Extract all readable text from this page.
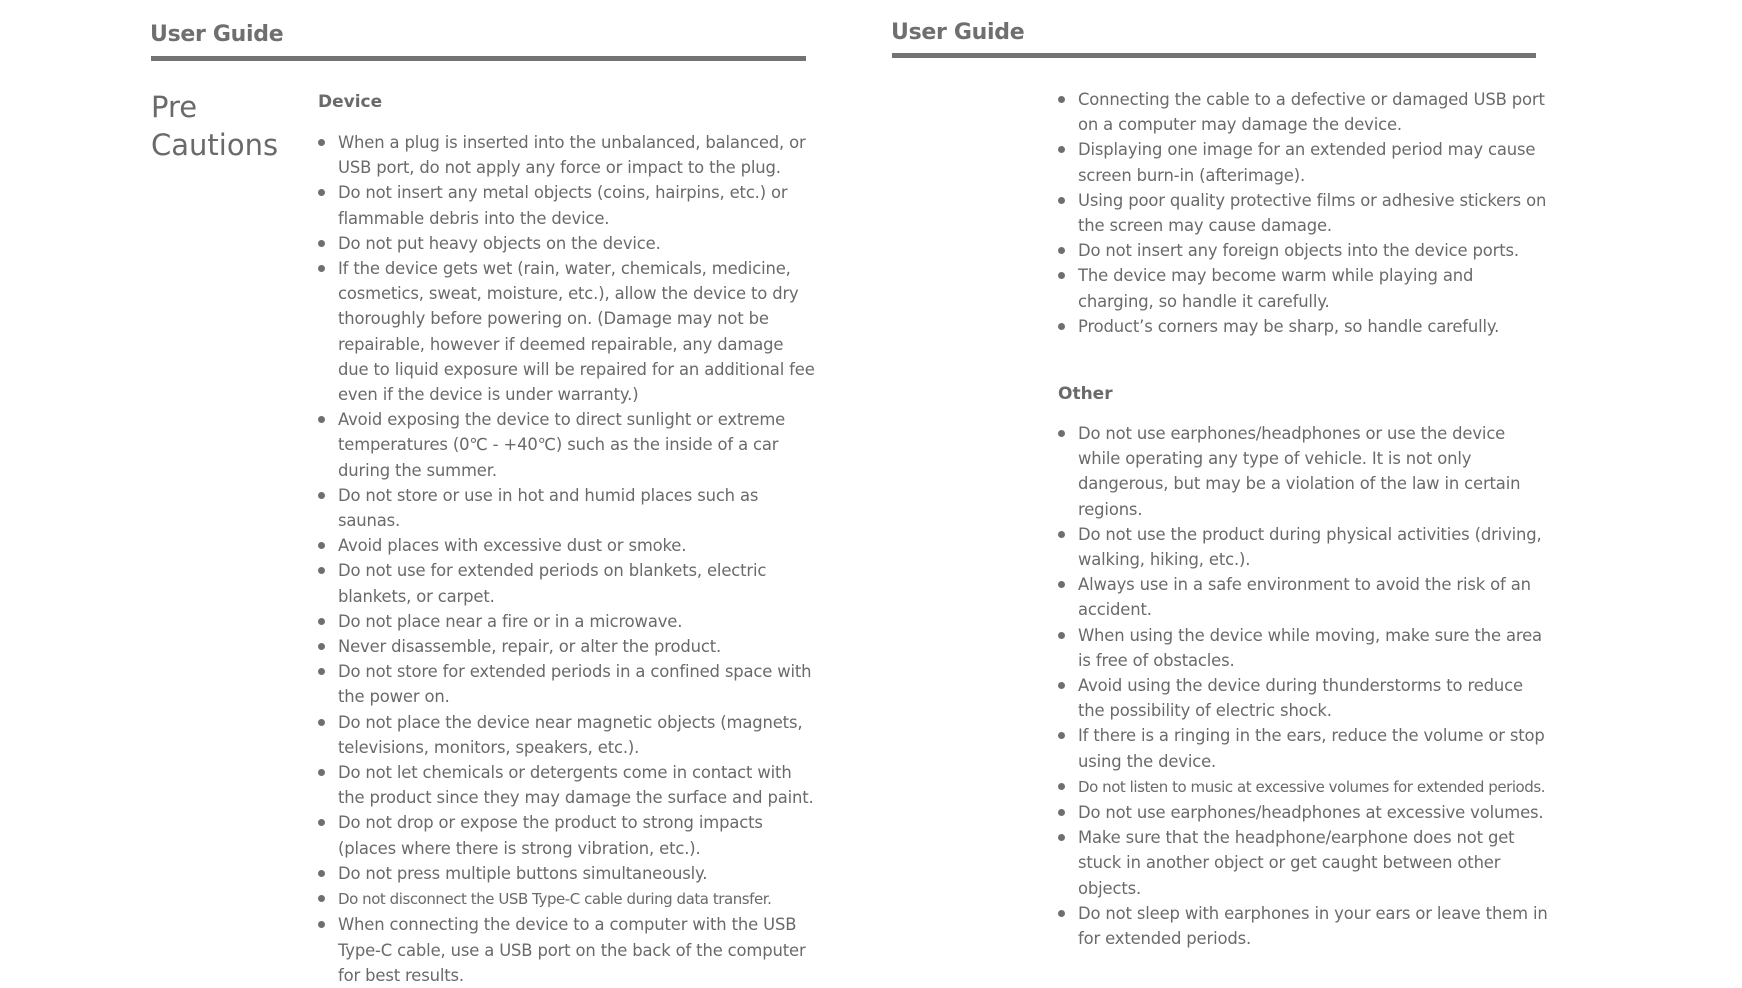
User Guide
Pre
Cautions
Device
When a plug is inserted into the unbalanced, balanced, or USB port, do not apply any force or impact to the plug.
Do not insert any metal objects (coins, hairpins, etc.) or flammable debris into the device.
Do not put heavy objects on the device.
If the device gets wet (rain, water, chemicals, medicine, cosmetics, sweat, moisture, etc.), allow the device to dry thoroughly before powering on. (Damage may not be repairable, however if deemed repairable, any damage due to liquid exposure will be repaired for an additional fee even if the device is under warranty.)
Avoid exposing the device to direct sunlight or extreme temperatures (0℃ - +40℃) such as the inside of a car during the summer.
Do not store or use in hot and humid places such as saunas.
Avoid places with excessive dust or smoke.
Do not use for extended periods on blankets, electric blankets, or carpet.
Do not place near a fire or in a microwave.
Never disassemble, repair, or alter the product.
Do not store for extended periods in a confined space with the power on.
Do not place the device near magnetic objects (magnets, televisions, monitors, speakers, etc.).
Do not let chemicals or detergents come in contact with the product since they may damage the surface and paint.
Do not drop or expose the product to strong impacts (places where there is strong vibration, etc.).
Do not press multiple buttons simultaneously.
Do not disconnect the USB Type-C cable during data transfer.
When connecting the device to a computer with the USB Type-C cable, use a USB port on the back of the computer for best results.
User Guide
Connecting the cable to a defective or damaged USB port on a computer may damage the device.
Displaying one image for an extended period may cause screen burn-in (afterimage).
Using poor quality protective films or adhesive stickers on the screen may cause damage.
Do not insert any foreign objects into the device ports.
The device may become warm while playing and charging, so handle it carefully.
Product’s corners may be sharp, so handle carefully.
Other
Do not use earphones/headphones or use the device while operating any type of vehicle. It is not only dangerous, but may be a violation of the law in certain regions.
Do not use the product during physical activities (driving, walking, hiking, etc.).
Always use in a safe environment to avoid the risk of an accident.
When using the device while moving, make sure the area is free of obstacles.
Avoid using the device during thunderstorms to reduce the possibility of electric shock.
If there is a ringing in the ears, reduce the volume or stop using the device.
Do not listen to music at excessive volumes for extended periods.
Do not use earphones/headphones at excessive volumes.
Make sure that the headphone/earphone does not get stuck in another object or get caught between other objects.
Do not sleep with earphones in your ears or leave them in for extended periods.
